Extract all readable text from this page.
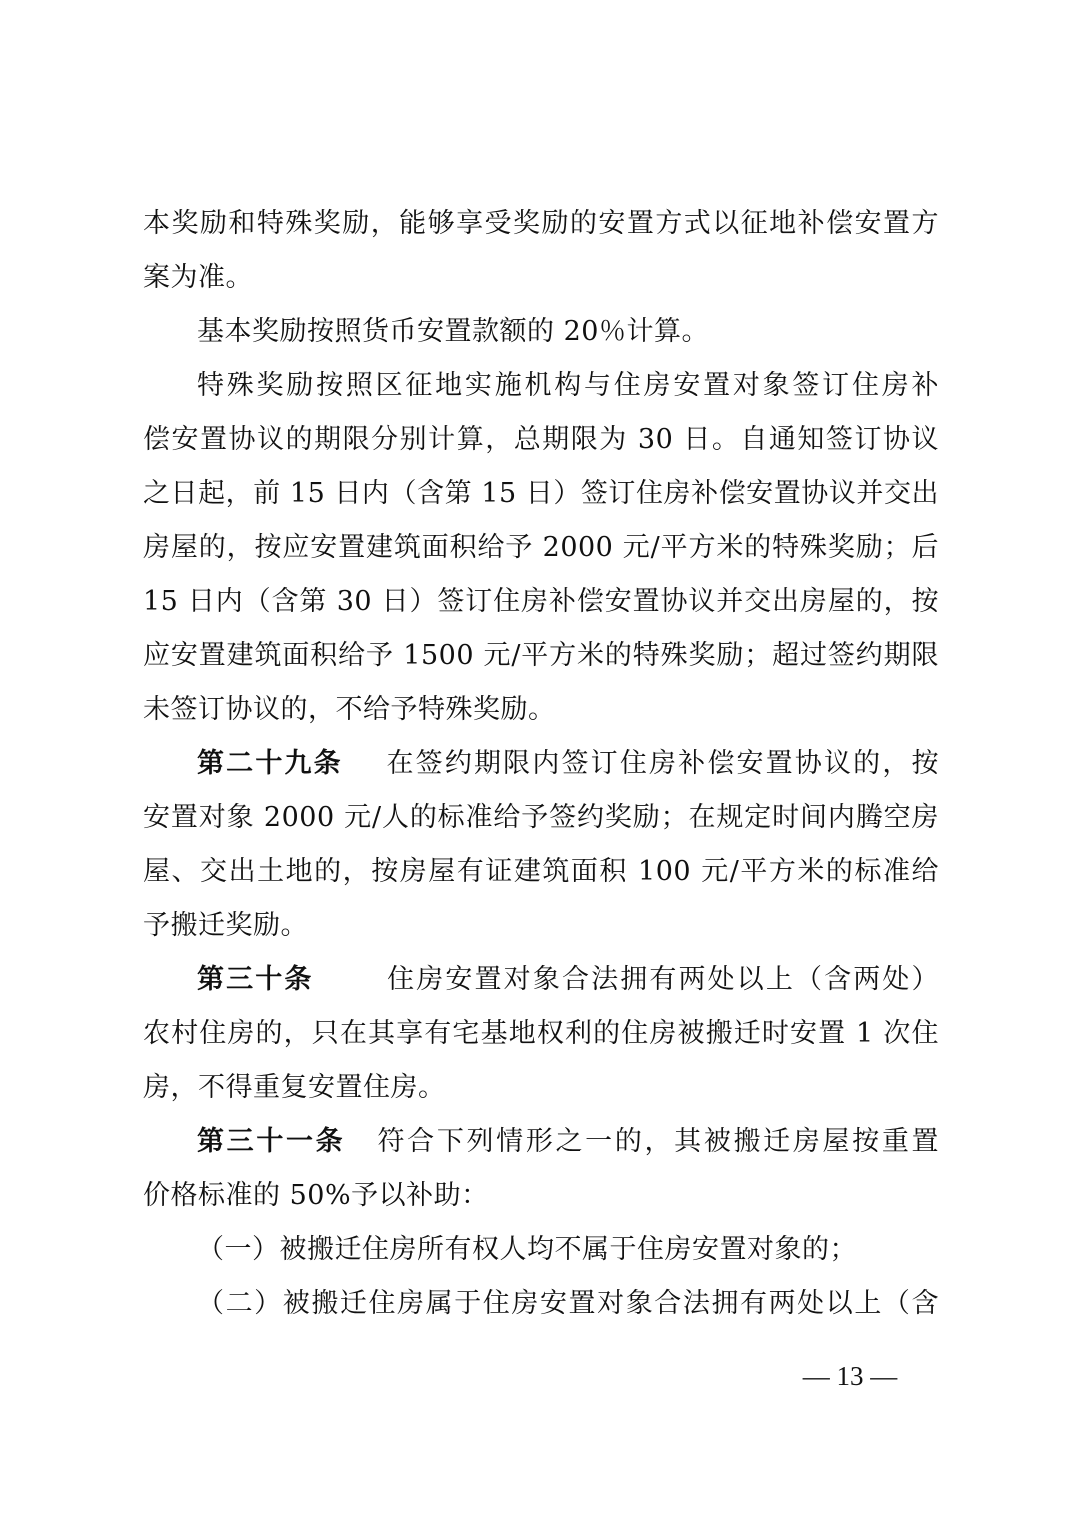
本奖励和特殊奖励，能够享受奖励的安置方式以征地补偿安置方
案为准。
基本奖励按照货币安置款额的 20％计算。
特殊奖励按照区征地实施机构与住房安置对象签订住房补
偿安置协议的期限分别计算，总期限为 30 日。自通知签订协议
之日起，前 15 日内（含第 15 日）签订住房补偿安置协议并交出
房屋的，按应安置建筑面积给予 2000 元/平方米的特殊奖励；后
15 日内（含第 30 日）签订住房补偿安置协议并交出房屋的，按
应安置建筑面积给予 1500 元/平方米的特殊奖励；超过签约期限
未签订协议的，不给予特殊奖励。
第二十九条 在签约期限内签订住房补偿安置协议的，按
安置对象 2000 元/人的标准给予签约奖励；在规定时间内腾空房
屋、交出土地的，按房屋有证建筑面积 100 元/平方米的标准给
予搬迁奖励。
第三十条	住房安置对象合法拥有两处以上（含两处）
农村住房的，只在其享有宅基地权利的住房被搬迁时安置 1 次住
房，不得重复安置住房。
第三十一条 符合下列情形之一的，其被搬迁房屋按重置
价格标准的 50%予以补助：
（一）被搬迁住房所有权人均不属于住房安置对象的；
（二）被搬迁住房属于住房安置对象合法拥有两处以上（含
— 13 —
